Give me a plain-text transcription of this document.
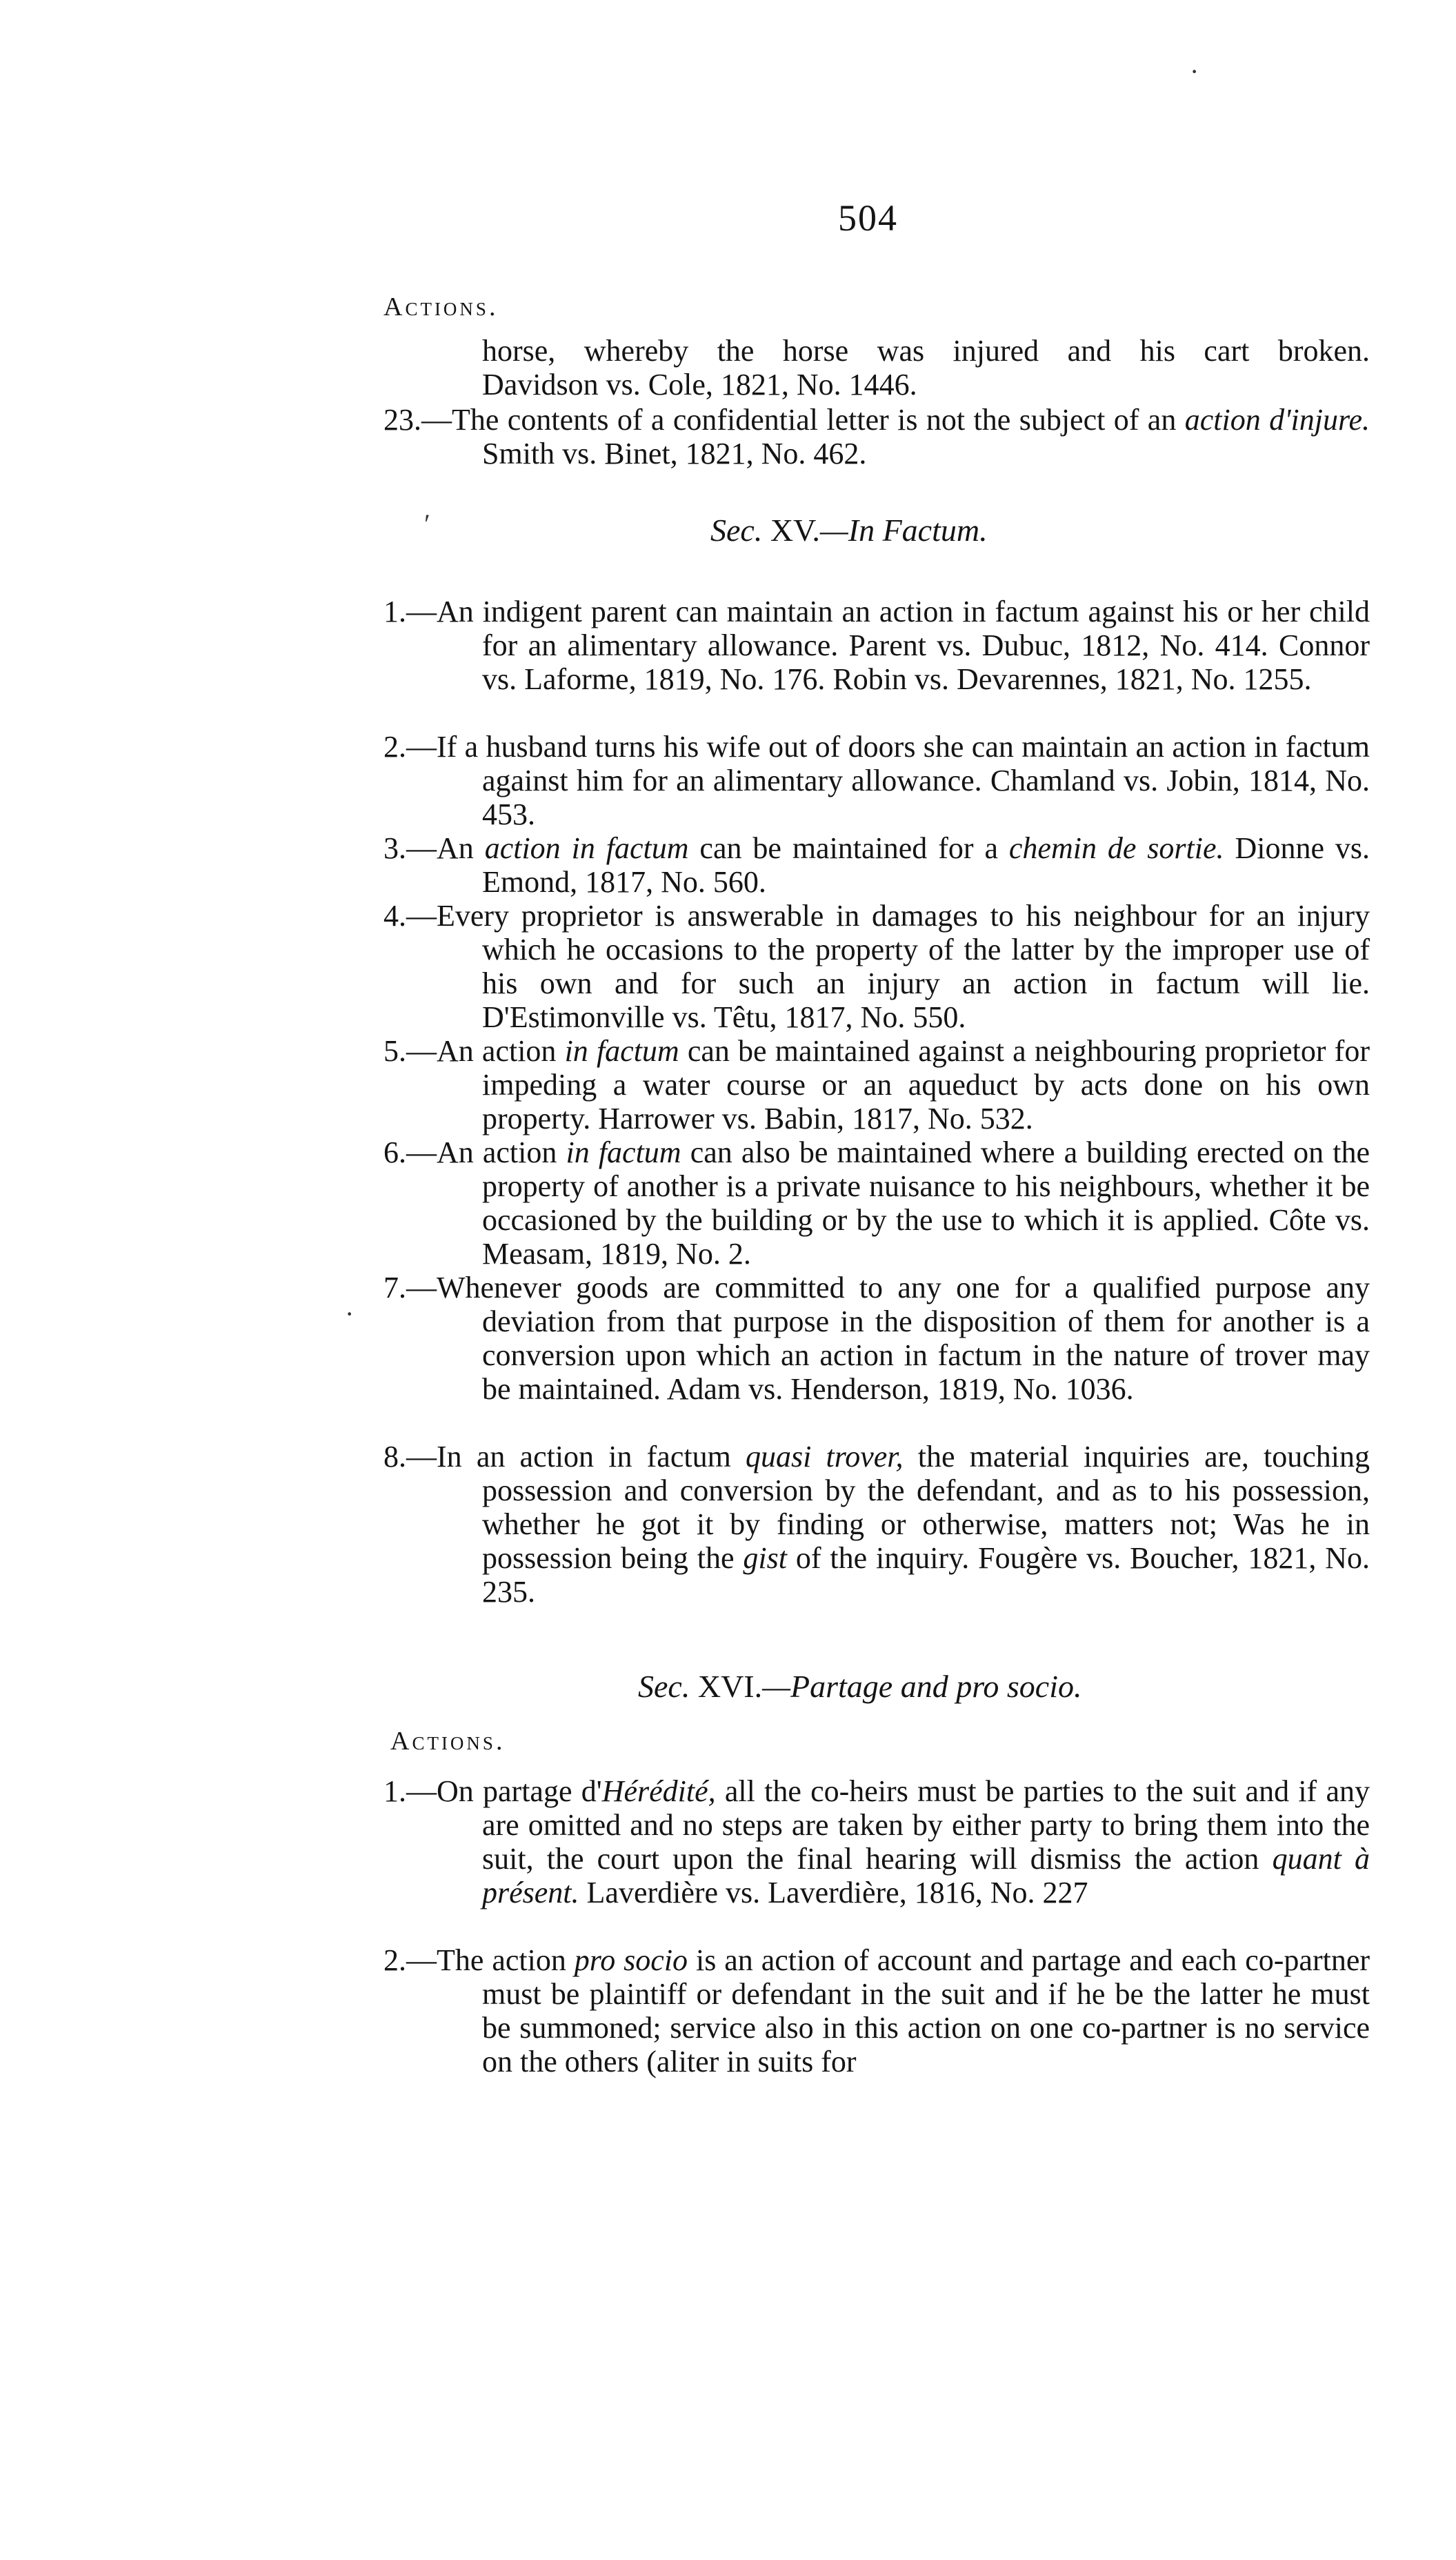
·
504
Actions.
horse, whereby the horse was injured and his cart broken.
Davidson vs. Cole, 1821, No. 1446.
23.—The contents of a confidential letter is not the subject of an action d'injure. Smith vs. Binet, 1821, No. 462.
′	Sec. XV.—In Factum.
1.—An indigent parent can maintain an action in factum against his or her child for an alimentary allowance. Parent vs. Dubuc, 1812, No. 414. Connor vs. Laforme, 1819, No. 176. Robin vs. Devarennes, 1821, No. 1255.
2.—If a husband turns his wife out of doors she can maintain an action in factum against him for an alimentary allowance. Chamland vs. Jobin, 1814, No. 453.
3.—An action in factum can be maintained for a chemin de sortie. Dionne vs. Emond, 1817, No. 560.
4.—Every proprietor is answerable in damages to his neighbour for an injury which he occasions to the property of the latter by the improper use of his own and for such an injury an action in factum will lie. D'Estimonville vs. Têtu, 1817, No. 550.
5.—An action in factum can be maintained against a neighbouring proprietor for impeding a water course or an aqueduct by acts done on his own property. Harrower vs. Babin, 1817, No. 532.
6.—An action in factum can also be maintained where a building erected on the property of another is a private nuisance to his neighbours, whether it be occasioned by the building or by the use to which it is applied. Côte vs. Measam, 1819, No. 2.
·
7.—Whenever goods are committed to any one for a qualified purpose any deviation from that purpose in the disposition of them for another is a conversion upon which an action in factum in the nature of trover may be maintained. Adam vs. Henderson, 1819, No. 1036.
8.—In an action in factum quasi trover, the material inquiries are, touching possession and conversion by the defendant, and as to his possession, whether he got it by finding or otherwise, matters not; Was he in possession being the gist of the inquiry. Fougère vs. Boucher, 1821, No. 235.
Sec. XVI.—Partage and pro socio.
Actions.
1.—On partage d'Hérédité, all the co-heirs must be parties to the suit and if any are omitted and no steps are taken by either party to bring them into the suit, the court upon the final hearing will dismiss the action quant à présent. Laverdière vs. Laverdière, 1816, No. 227
2.—The action pro socio is an action of account and partage and each co-partner must be plaintiff or defendant in the suit and if he be the latter he must be summoned; service also in this action on one co-partner is no service on the others (aliter in suits for
